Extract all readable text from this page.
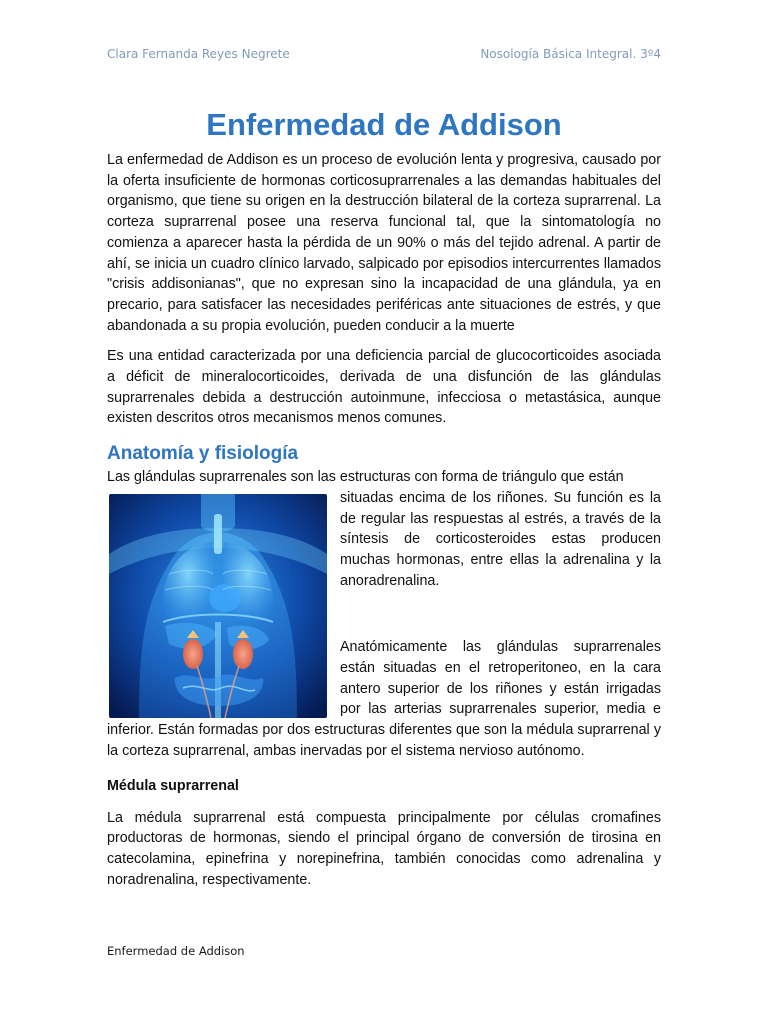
Clara Fernanda Reyes Negrete	Nosología Básica Integral. 3º4
Enfermedad de Addison

La enfermedad de Addison es un proceso de evolución lenta y progresiva, causado por la oferta insuficiente de hormonas corticosuprarrenales a las demandas habituales del organismo, que tiene su origen en la destrucción bilateral de la corteza suprarrenal. La corteza suprarrenal posee una reserva funcional tal, que la sintomatología no comienza a aparecer hasta la pérdida de un 90% o más del tejido adrenal. A partir de ahí, se inicia un cuadro clínico larvado, salpicado por episodios intercurrentes llamados "crisis addisonianas", que no expresan sino la incapacidad de una glándula, ya en precario, para satisfacer las necesidades periféricas ante situaciones de estrés, y que abandonada a su propia evolución, pueden conducir a la muerte

Es una entidad caracterizada por una deficiencia parcial de glucocorticoides asociada a déficit de mineralocorticoides, derivada de una disfunción de las glándulas suprarrenales debida a destrucción autoinmune, infecciosa o metastásica, aunque existen descritos otros mecanismos menos comunes.

Anatomía y fisiología

Las glándulas suprarrenales son las estructuras con forma de triángulo que están

situadas encima de los riñones. Su función es la de regular las respuestas al estrés, a través de la síntesis de corticosteroides estas producen muchas hormonas, entre ellas la adrenalina y la anoradrenalina.

Anatómicamente las glándulas suprarrenales están situadas en el retroperitoneo, en la cara antero superior de los riñones y están irrigadas por las arterias suprarrenales superior, media e inferior. Están formadas por dos estructuras diferentes que son la médula suprarrenal y la corteza suprarrenal, ambas inervadas por el sistema nervioso autónomo.

Médula suprarrenal

La médula suprarrenal está compuesta principalmente por células cromafines productoras de hormonas, siendo el principal órgano de conversión de tirosina en catecolamina, epinefrina y norepinefrina, también conocidas como adrenalina y noradrenalina, respectivamente.

Enfermedad de Addison
